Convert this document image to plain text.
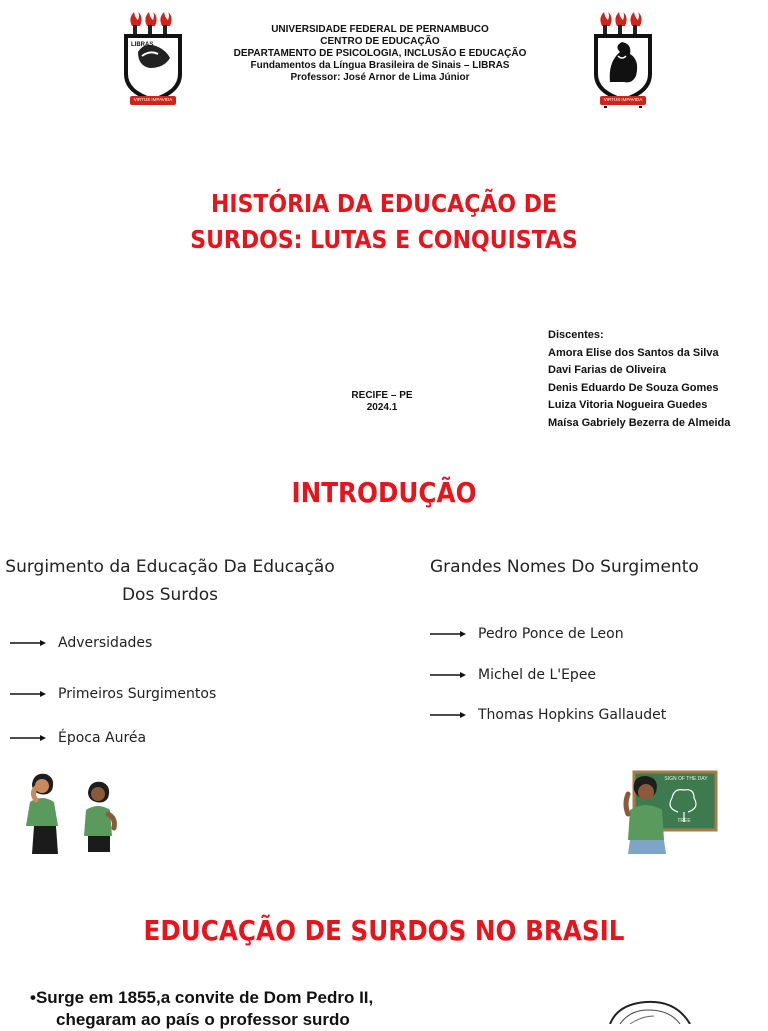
LIBRAS
VIRTUS IMPAVIDA
UNIVERSIDADE FEDERAL DE PERNAMBUCO
CENTRO DE EDUCAÇÃO
DEPARTAMENTO DE PSICOLOGIA, INCLUSÃO E EDUCAÇÃO
Fundamentos da Língua Brasileira de Sinais – LIBRAS
Professor: José Arnor de Lima Júnior
VIRTUS IMPAVIDA
HISTÓRIA DA EDUCAÇÃO DE
SURDOS: LUTAS E CONQUISTAS
RECIFE – PE
2024.1
Discentes:
Amora Elise dos Santos da Silva
Davi Farias de Oliveira
Denis Eduardo De Souza Gomes
Luiza Vitoria Nogueira Guedes
Maísa Gabriely Bezerra de Almeida
INTRODUÇÃO
Surgimento da Educação Da Educação
Dos Surdos
Adversidades
Primeiros Surgimentos
Época Auréa
Grandes Nomes Do Surgimento
Pedro Ponce de Leon
Michel de L'Epee
Thomas Hopkins Gallaudet
SIGN OF THE DAY
TREE
EDUCAÇÃO DE SURDOS NO BRASIL
•Surge em 1855,a convite de Dom Pedro II,
chegaram ao país o professor surdo
